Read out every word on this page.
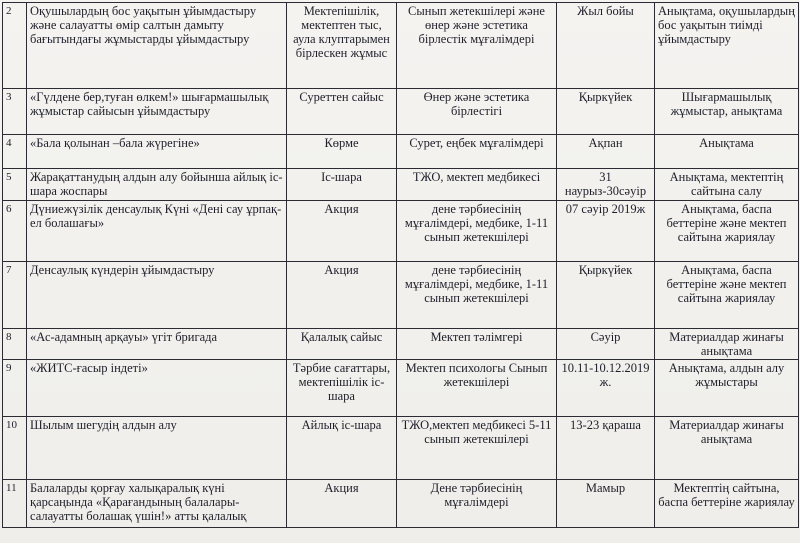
2	Оқушылардың бос уақытын ұйымдастыру және салауатты өмір салтын дамыту бағытындағы жұмыстарды ұйымдастыру	Мектепішілік, мектептен тыс, аула клуптарымен бірлескен жұмыс	Сынып жетекшілері және өнер және эстетика бірлестік мұғалімдері	Жыл бойы	Анықтама, оқушылардың бос уақытын тиімді ұйымдастыру
3	«Гүлдене бер,туған өлкем!» шығармашылық жұмыстар сайысын ұйымдастыру	Суреттен сайыс	Өнер және эстетика бірлестігі	Қыркүйек	Шығармашылық жұмыстар, анықтама
4	«Бала қолынан –бала жүрегіне»	Көрме	Сурет, еңбек мұғалімдері	Ақпан	Анықтама
5	Жарақаттанудың алдын алу бойынша айлық іс-шара жоспары	Іс-шара	ТЖО, мектеп медбикесі	31 наурыз-30сәуір	Анықтама, мектептің сайтына салу
6	Дүниежүзілік денсаулық Күні «Дені сау ұрпақ-ел болашағы»	Акция	дене тәрбиесінің мұғалімдері, медбике, 1-11 сынып жетекшілері	07 сәуір 2019ж	Анықтама, баспа беттеріне және мектеп сайтына жариялау
7	Денсаулық күндерін ұйымдастыру	Акция	дене тәрбиесінің мұғалімдері, медбике, 1-11 сынып жетекшілері	Қыркүйек	Анықтама, баспа беттеріне және мектеп сайтына жариялау
8	«Ас-адамның арқауы» үгіт бригада	Қалалық сайыс	Мектеп тәлімгері	Сәуір	Материалдар жинағы анықтама
9	«ЖИТС-ғасыр індеті»	Тәрбие сағаттары, мектепішілік іс-шара	Мектеп психологы Сынып жетекшілері	10.11-10.12.2019 ж.	Анықтама, алдын алу жұмыстары
10	Шылым шегудің алдын алу	Айлық іс-шара	ТЖО,мектеп медбикесі 5-11 сынып жетекшілері	13-23 қараша	Материалдар жинағы анықтама
11	Балаларды қорғау халықаралық күні қарсаңында «Қарағандының балалары-салауатты болашақ үшін!» атты қалалық	Акция	Дене тәрбиесінің мұғалімдері	Мамыр	Мектептің сайтына, баспа беттеріне жариялау
